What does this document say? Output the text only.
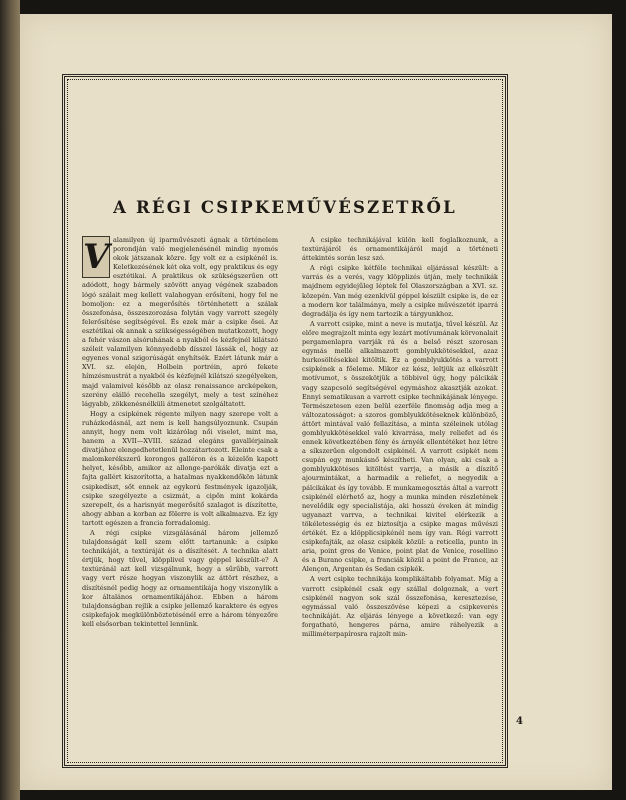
A RÉGI CSIPKEMŰVÉSZETRŐL
V alamilyen új iparművészeti ágnak a történelem porondján való megjelenésénél mindig nyomós okok játszanak közre. Így volt ez a csipkénél is. Keletkezésének két oka volt, egy praktikus és egy esztétikai. A praktikus ok szükségszerűen ott adódott, hogy bármely szövött anyag végének szabadon lógó szálait meg kellett valahogyan erősíteni, hogy fel ne bomoljon: ez a megerősítés történhetett a szálak összefonása, összeszorozása folytán vagy varrott szegély felerősítése segítségével. És ezek már a csipke ősei. Az esztétikai ok annak a szükségességében mutatkozott, hogy a fehér vászon alsóruhának a nyakból és kézfejnél kilátszó széleit valamilyen könnyedebb dísszel lássák el, hogy az egyenes vonal szigorúságát enyhítsék. Ezért látunk már a XVI. sz. elején, Holbein portréin, apró fekete hímzésmustrát a nyakból és kézfejnél kilátszó szegélyeken, majd valamivel később az olasz renaissance arcképeken, szerény elálló recehella szegélyt, mely a test színéhez lágyabb, zökkenésnélküli átmenetet szolgáltatott.

Hogy a csipkének régente milyen nagy szerepe volt a ruházkodásnál, azt nem is kell hangsúlyoznunk. Csupán annyit, hogy nem volt kizárólag női viselet, mint ma, hanem a XVII—XVIII. század elegáns gavallérjainak divatjához elengedhetetlenül hozzátartozott. Eleinte csak a malomkerékszerű korongos galléron és a kézelőn kapott helyet, később, amikor az allonge-parókák divatja ezt a fajta gallért kiszorította, a hatalmas nyakkendőkön látunk csipkedíszt, sőt ennek az egykorú festmények igazolják, csipke szegélyezte a csizmát, a cipőn mint kokárda szerepelt, és a harisnyát megerősítő szalagot is díszítette, ahogy abban a korban az fölerre is volt alkalmazva. Ez így tartott egészen a francia forradalomig.

A régi csipke vizsgálásánál három jellemző tulajdonságát kell szem előtt tartanunk: a csipke technikáját, a textúráját és a díszítését. A technika alatt értjük, hogy tűvel, klöpplivel vagy géppel készült-e? A textúránál azt kell vizsgálnunk, hogy a sűrűbb, varrott vagy vert része hogyan viszonylik az áttört részhez, a díszítésnél pedig hogy az ornamentikája hogy viszonylik a kor általános ornamentikájához. Ebben a három tulajdonságban rejlik a csipke jellemző karaktere és egyes csipkefajok megkülönböztetésénél erre a három tényezőre kell elsősorban tekintettel lennünk.

A csipke technikájával külön kell foglalkoznunk, a textúrájáról és ornamentikájáról majd a történeti áttekintés során lesz szó.

A régi csipke kétféle technikai eljárással készült: a varrás és a verés, vagy klöpplizés útján, mely technikák majdnem egyidejűleg léptek fel Olaszországban a XVI. sz. közepén. Van még ezenkívül géppel készült csipke is, de ez a modern kor találmánya, mely a csipke művészetét iparrá degradálja és így nem tartozik a tárgyunkhoz.

A varrott csipke, mint a neve is mutatja, tűvel készül. Az előre megrajzolt minta egy lezárt motívumának körvonalait pergamenlapra varrják rá és a belső részt szorosan egymás mellé alkalmazott gomblyukkötésekkel, azaz hurkosöltésekkel kitöltik. Ez a gomblyukkötés a varrott csipkének a főeleme. Mikor ez kész, leltjük az elkészült motívumot, s összekötjük a többivel úgy, hogy pálcikák vagy szapcsoló segítségével egymáshoz akasztják azokat. Ennyi sematikusan a varrott csipke technikájának lényege. Természetesen ezen belül ezerféle finomság adja meg a változatosságot: a szoros gomblyukkötéseknek különböző, áttört mintával való fellazítása, a minta széleinek utólag gomblyukkötésekkel való kivarrása, mely reliefet ad és ennek következtében fény és árnyék ellentétéket hoz létre a síkszerűen elgondolt csipkénél. A varrott csipkét nem csupán egy munkásnő készítheti. Van olyan, aki csak a gomblyukkötéses kitöltést varrja, a másik a díszítő ajourmintákat, a harmadik a reliefet, a negyedik a pálcikákat és így tovább. E munkamegosztás által a varrott csipkénél elérhető az, hogy a munka minden részletének nevelődik egy specialistája, aki hosszú éveken át mindig ugyanazt varrva, a technikai kivitel elérkezik a tökéletességig és ez biztosítja a csipke magas művészi értékét. Ez a klöpplicsipkénél nem így van. Régi varrott csipkefajták, az olasz csipkék közül: a reticella, punto in aria, point gros de Venice, point plat de Venice, rosellino és a Burano csipke, a franciák közül a point de France, az Alençon, Argentan és Sedan csipkék.

A vert csipke technikája komplikáltabb folyamat. Míg a varrott csipkénél csak egy szállal dolgoznak, a vert csipkénél nagyon sok szál összefonása, keresztezése, egymással való összeszövése képezi a csipkeverés technikáját. Az eljárás lényege a következő: van egy forgatható, hengeres párna, amire ráhelyezik a milliméterpapírosra rajzolt min-

4
